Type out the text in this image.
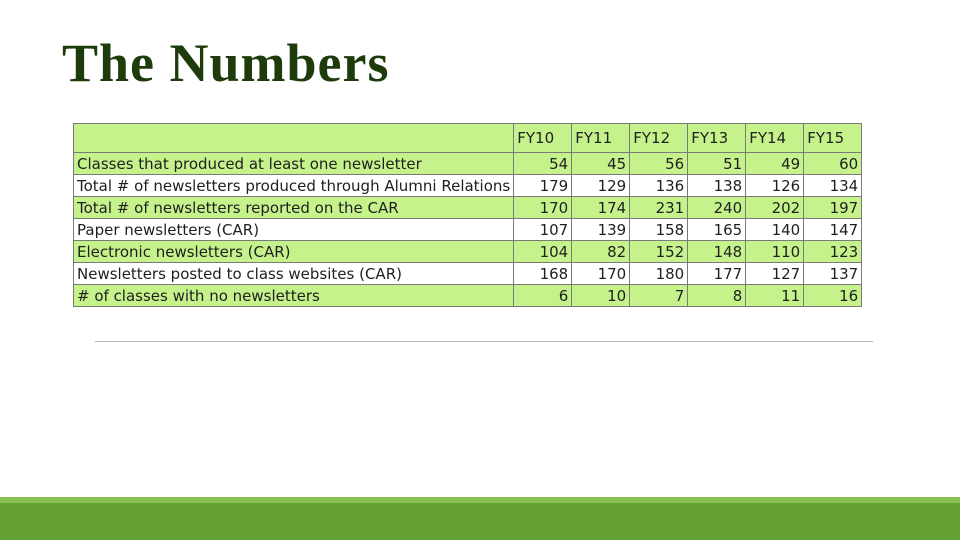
The Numbers
	FY10	FY11	FY12	FY13	FY14	FY15
Classes that produced at least one newsletter	54	45	56	51	49	60
Total # of newsletters produced through Alumni Relations	179	129	136	138	126	134
Total # of newsletters reported on the CAR	170	174	231	240	202	197
Paper newsletters (CAR)	107	139	158	165	140	147
Electronic newsletters (CAR)	104	82	152	148	110	123
Newsletters posted to class websites (CAR)	168	170	180	177	127	137
# of classes with no newsletters	6	10	7	8	11	16
